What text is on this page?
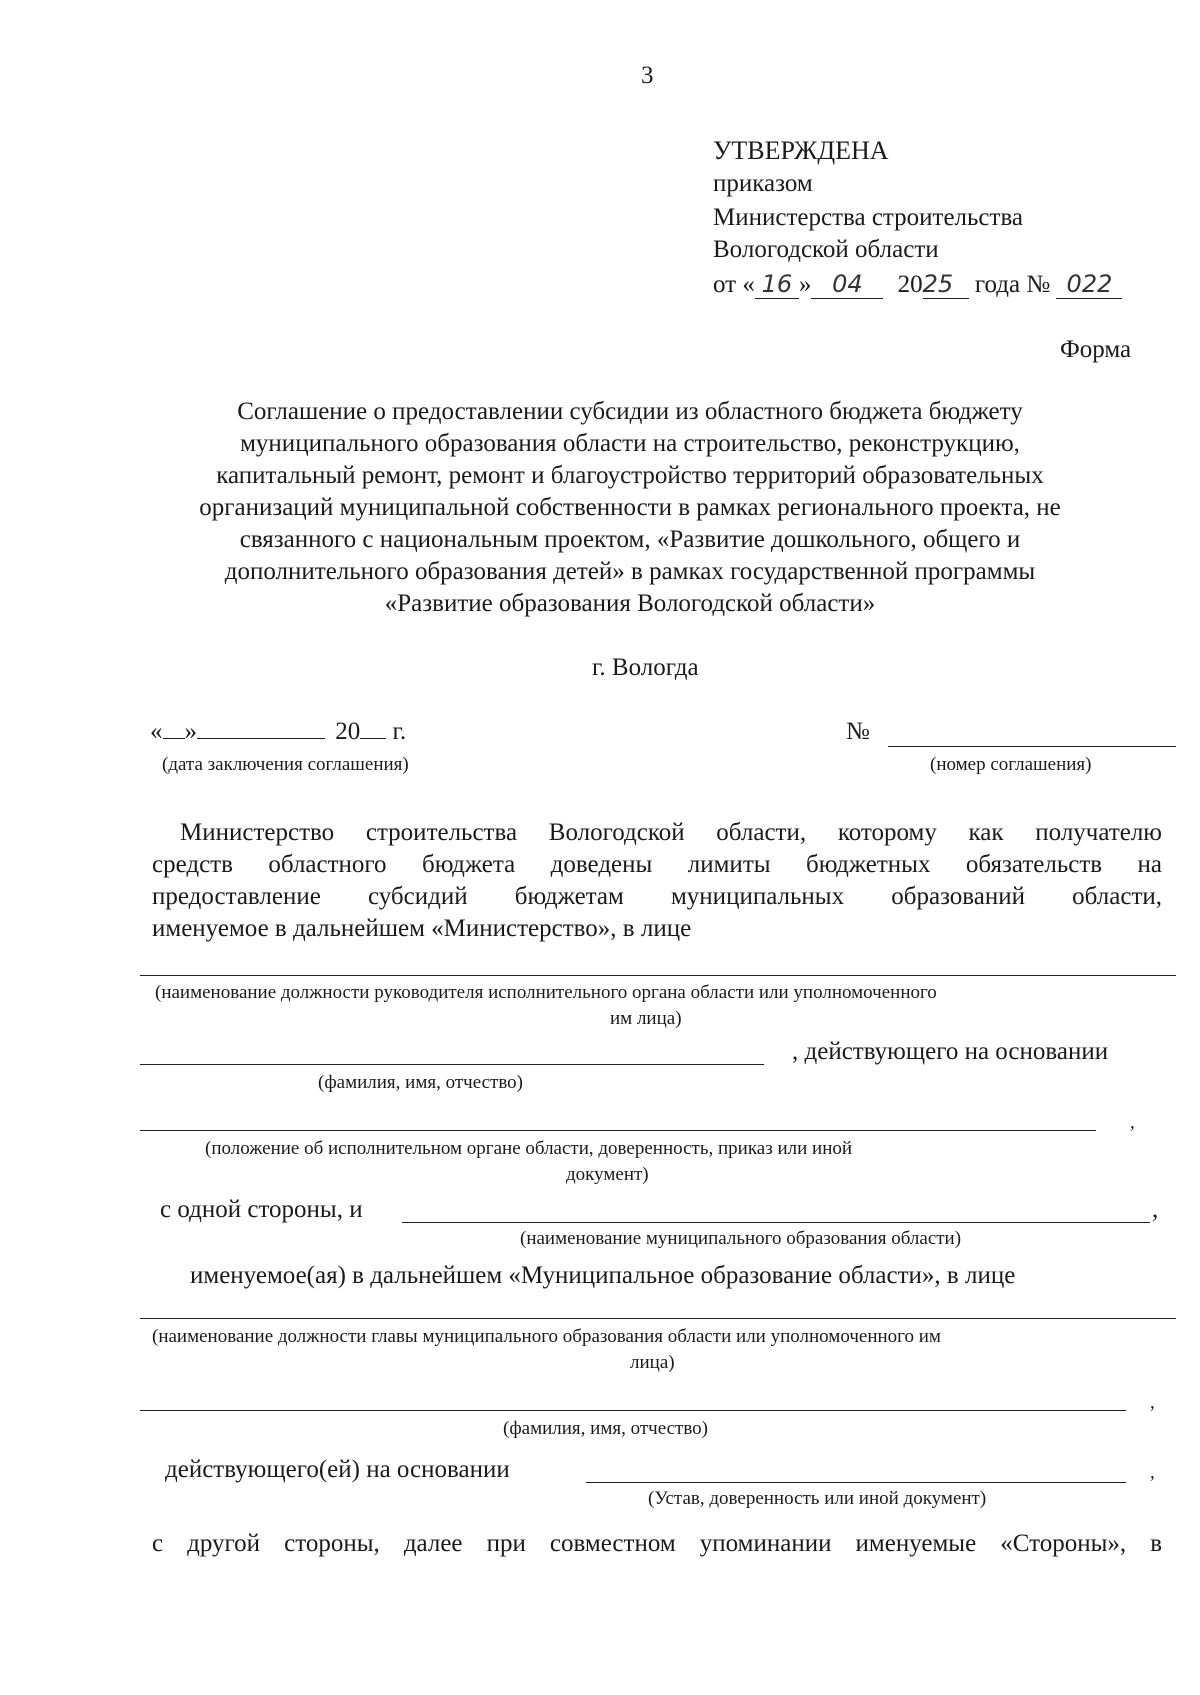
3
УТВЕРЖДЕНА
приказом
Министерства строительства
Вологодской области
от « 16 » 04 2025 года № 022
Форма
Соглашение о предоставлении субсидии из областного бюджета бюджету
муниципального образования области на строительство, реконструкцию,
капитальный ремонт, ремонт и благоустройство территорий образовательных
организаций муниципальной собственности в рамках регионального проекта, не
связанного с национальным проектом, «Развитие дошкольного, общего и
дополнительного образования детей» в рамках государственной программы
«Развитие образования Вологодской области»
г. Вологда
« »	20 г.
(дата заключения соглашения)
№
(номер соглашения)
Министерство строительства Вологодской области, которому как получателю
средств областного бюджета доведены лимиты бюджетных обязательств на
предоставление субсидий бюджетам муниципальных образований области,
именуемое в дальнейшем «Министерство», в лице
(наименование должности руководителя исполнительного органа области или уполномоченного
им лица)
, действующего на основании
(фамилия, имя, отчество)
,
(положение об исполнительном органе области, доверенность, приказ или иной
документ)
с одной стороны, и	,
(наименование муниципального образования области)
именуемое(ая) в дальнейшем «Муниципальное образование области», в лице
(наименование должности главы муниципального образования области или уполномоченного им
лица)
,
(фамилия, имя, отчество)
действующего(ей) на основании	,
(Устав, доверенность или иной документ)
с другой стороны, далее при совместном упоминании именуемые «Стороны», в
